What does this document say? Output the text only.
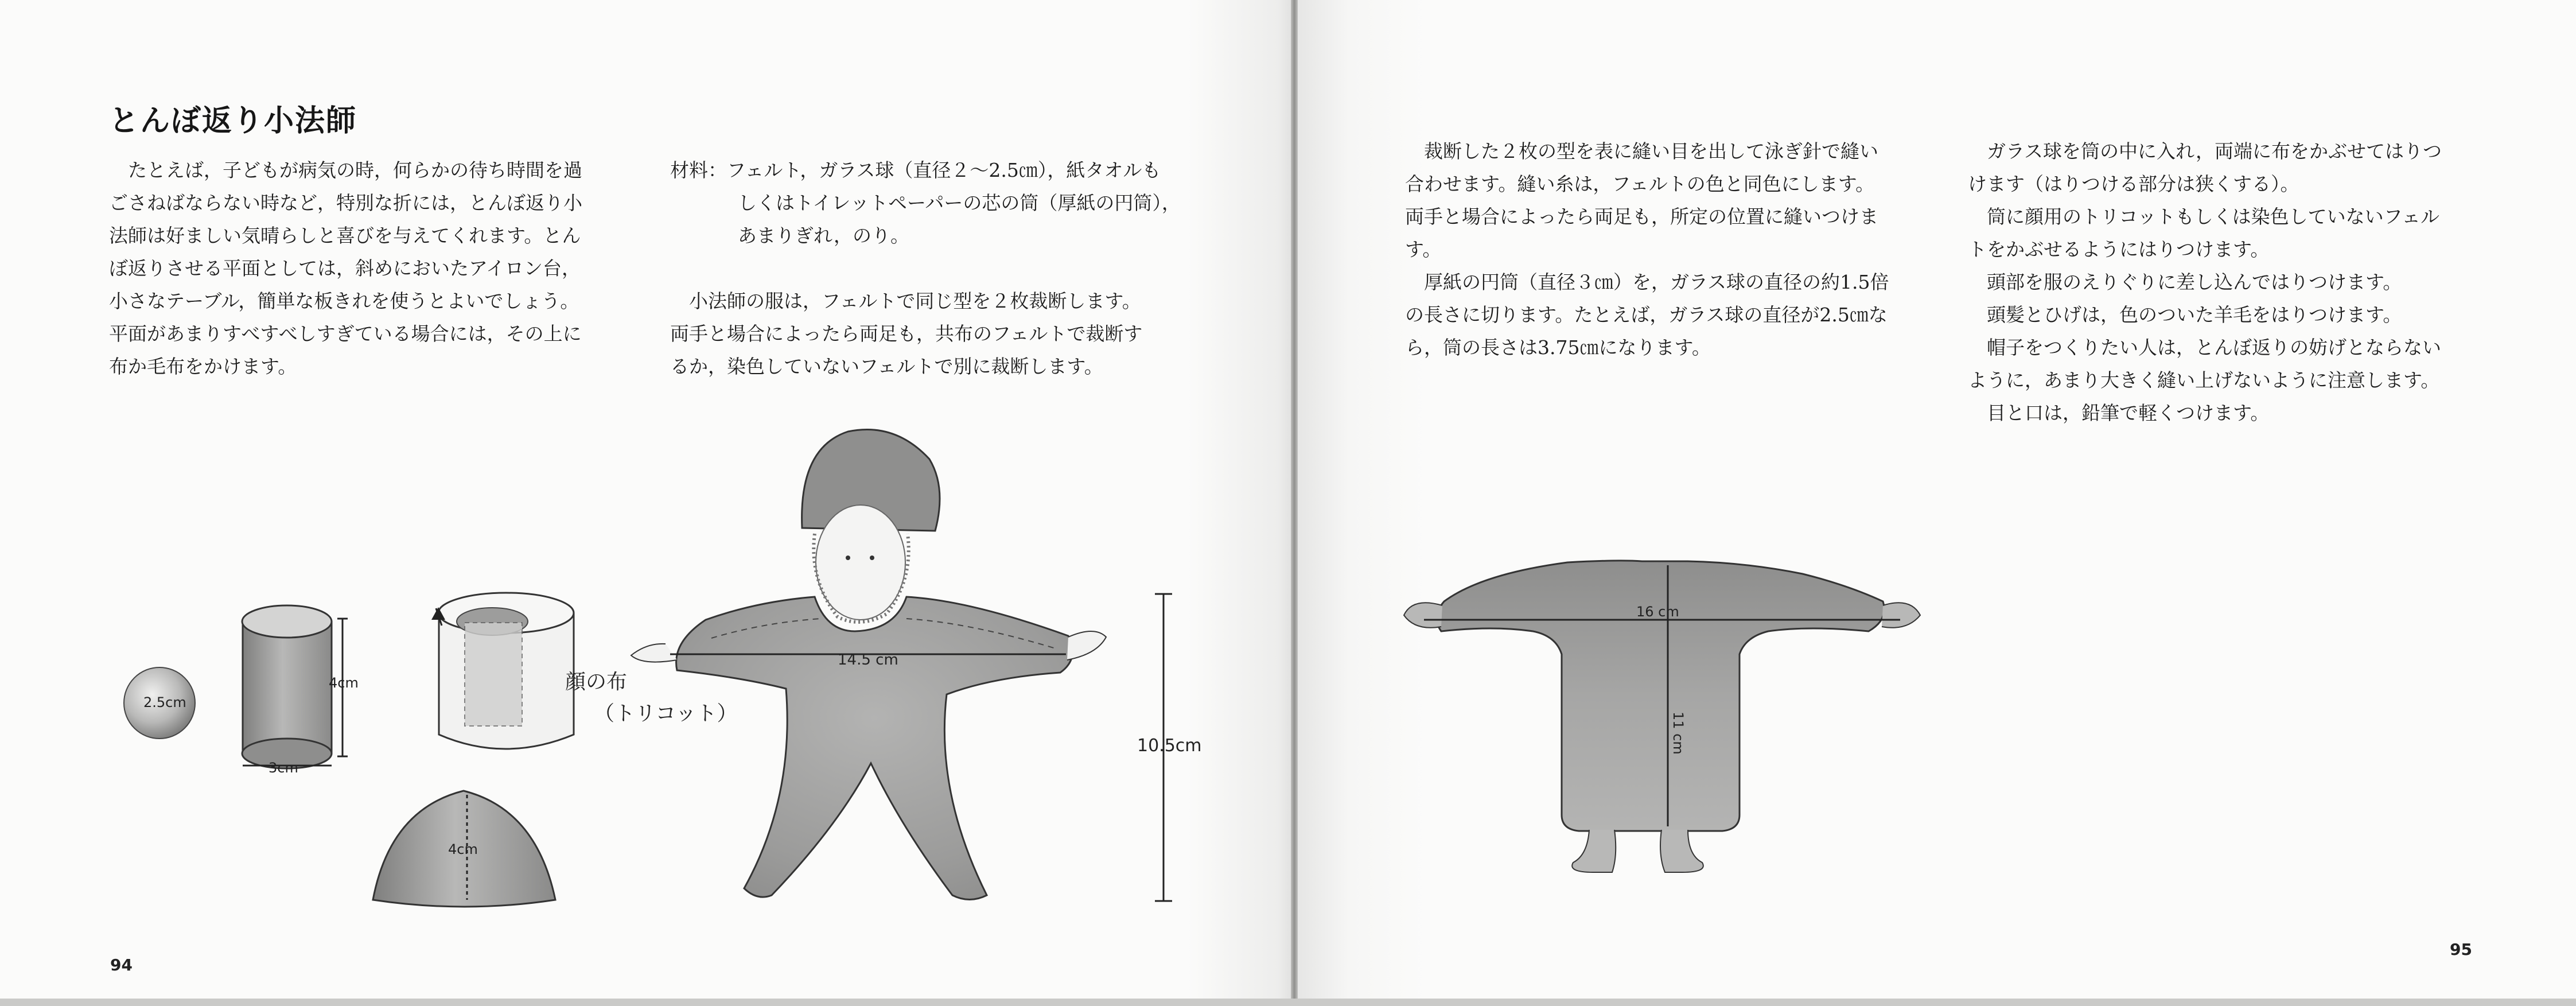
とんぼ返り小法師

たとえば，子どもが病気の時，何らかの待ち時間を過
ごさねばならない時など，特別な折には，とんぼ返り小
法師は好ましい気晴らしと喜びを与えてくれます。とん
ぼ返りさせる平面としては，斜めにおいたアイロン台，
小さなテーブル，簡単な板きれを使うとよいでしょう。
平面があまりすべすべしすぎている場合には，その上に
布か毛布をかけます。

材料：フェルト，ガラス球（直径２～2.5㎝），紙タオルも
しくはトイレットペーパーの芯の筒（厚紙の円筒），
あまりぎれ，のり。

小法師の服は，フェルトで同じ型を２枚裁断します。
両手と場合によったら両足も，共布のフェルトで裁断す
るか，染色していないフェルトで別に裁断します。

2.5cm
4cm
3cm
顔の布 （トリコット）
4cm
14.5 cm
10.5cm
94

裁断した２枚の型を表に縫い目を出して泳ぎ針で縫い
合わせます。縫い糸は，フェルトの色と同色にします。
両手と場合によったら両足も，所定の位置に縫いつけま
す。

厚紙の円筒（直径３㎝）を，ガラス球の直径の約1.5倍
の長さに切ります。たとえば，ガラス球の直径が2.5㎝な
ら，筒の長さは3.75㎝になります。

ガラス球を筒の中に入れ，両端に布をかぶせてはりつ
けます（はりつける部分は狭くする）。

筒に顔用のトリコットもしくは染色していないフェル
トをかぶせるようにはりつけます。

頭部を服のえりぐりに差し込んではりつけます。

頭髪とひげは，色のついた羊毛をはりつけます。

帽子をつくりたい人は，とんぼ返りの妨げとならない
ように，あまり大きく縫い上げないように注意します。

目と口は，鉛筆で軽くつけます。

16 cm
11 cm
95
